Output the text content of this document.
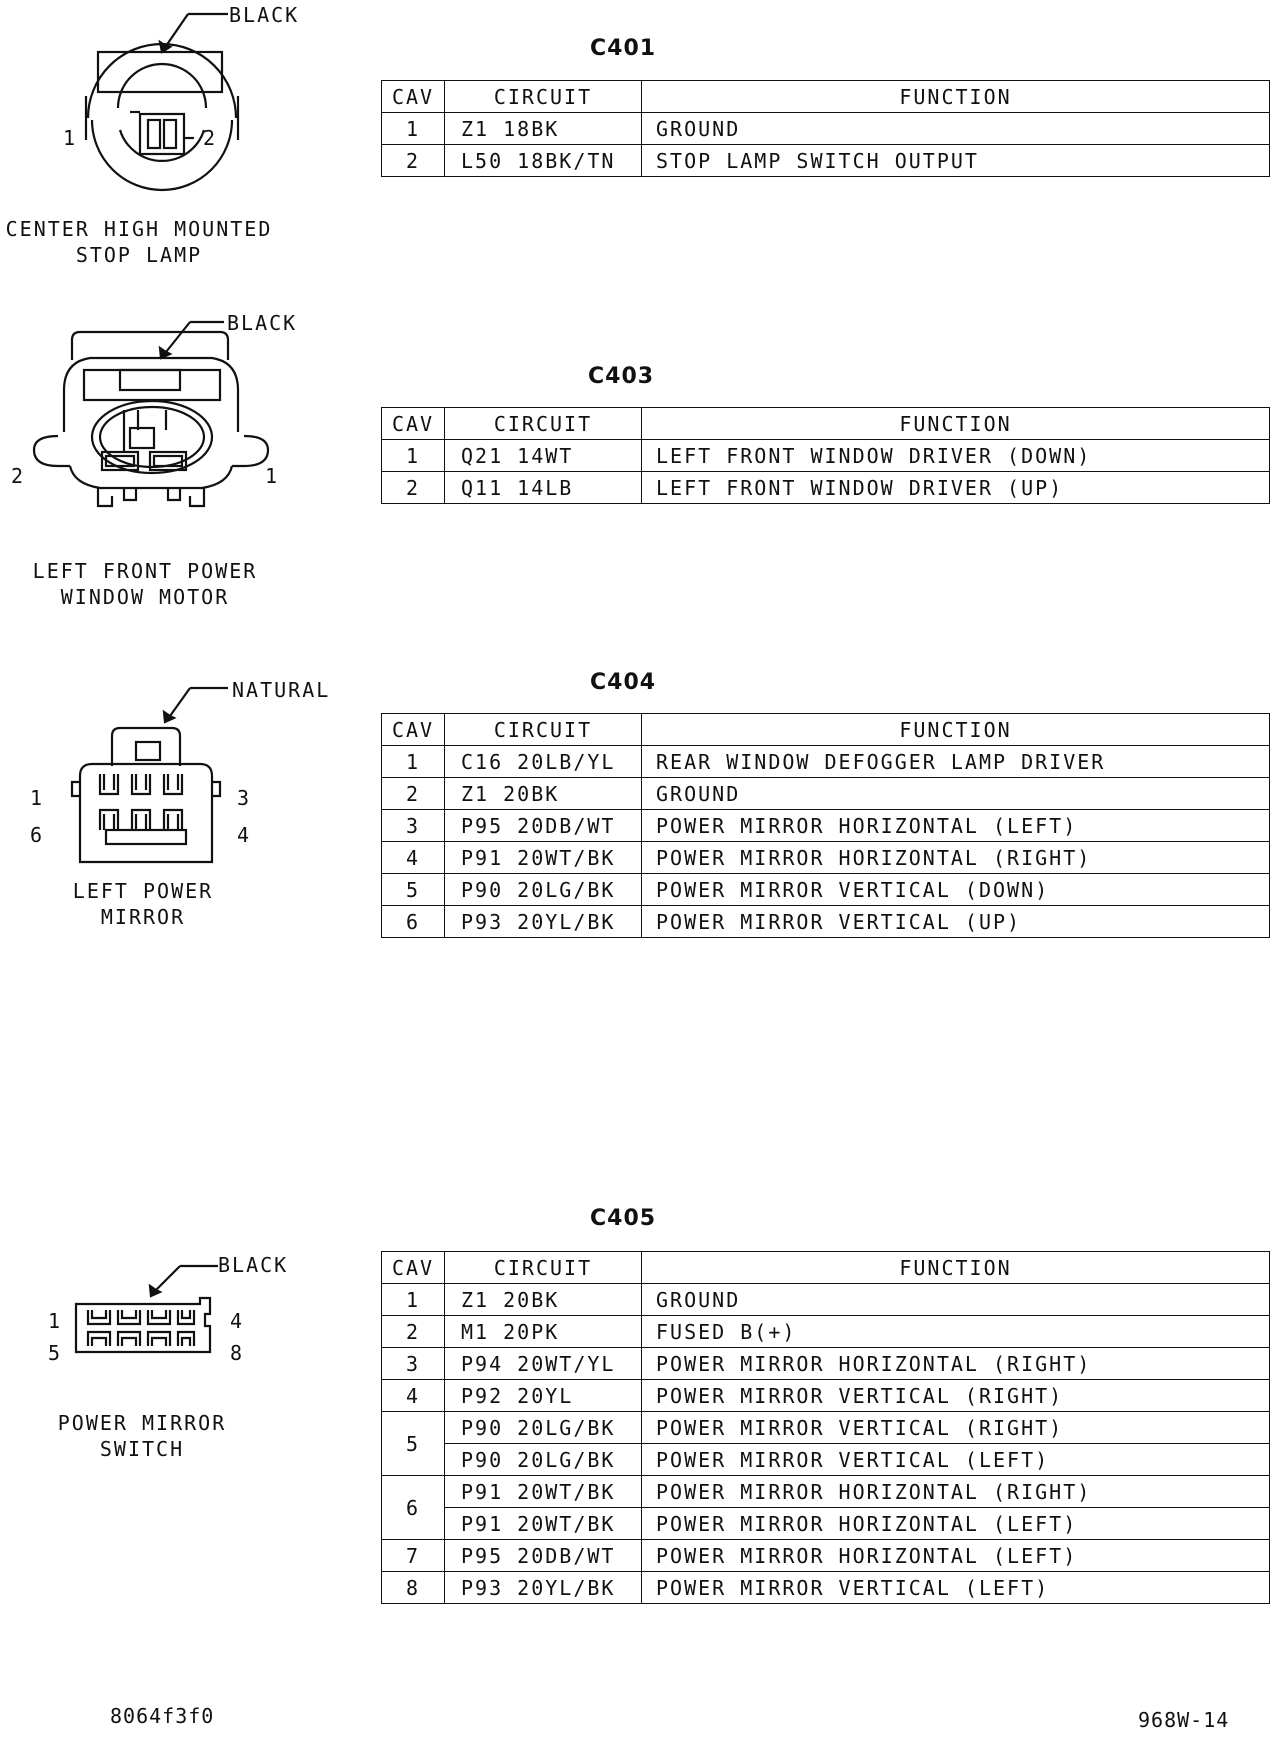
C401
BLACK
1	2
CENTER HIGH MOUNTED
STOP LAMP
CAV	CIRCUIT	FUNCTION
1	Z1 18BK	GROUND
2	L50 18BK/TN	STOP LAMP SWITCH OUTPUT
C403
BLACK
2	1
LEFT FRONT POWER
WINDOW MOTOR
CAV	CIRCUIT	FUNCTION
1	Q21 14WT	LEFT FRONT WINDOW DRIVER (DOWN)
2	Q11 14LB	LEFT FRONT WINDOW DRIVER (UP)
C404
NATURAL
1	3
6	4
LEFT POWER
MIRROR
CAV	CIRCUIT	FUNCTION
1	C16 20LB/YL	REAR WINDOW DEFOGGER LAMP DRIVER
2	Z1 20BK	GROUND
3	P95 20DB/WT	POWER MIRROR HORIZONTAL (LEFT)
4	P91 20WT/BK	POWER MIRROR HORIZONTAL (RIGHT)
5	P90 20LG/BK	POWER MIRROR VERTICAL (DOWN)
6	P93 20YL/BK	POWER MIRROR VERTICAL (UP)
C405
BLACK
1	4
5	8
POWER MIRROR
SWITCH
CAV	CIRCUIT	FUNCTION
1	Z1 20BK	GROUND
2	M1 20PK	FUSED B(+)
3	P94 20WT/YL	POWER MIRROR HORIZONTAL (RIGHT)
4	P92 20YL	POWER MIRROR VERTICAL (RIGHT)
5	P90 20LG/BK	POWER MIRROR VERTICAL (RIGHT)
	P90 20LG/BK	POWER MIRROR VERTICAL (LEFT)
6	P91 20WT/BK	POWER MIRROR HORIZONTAL (RIGHT)
	P91 20WT/BK	POWER MIRROR HORIZONTAL (LEFT)
7	P95 20DB/WT	POWER MIRROR HORIZONTAL (LEFT)
8	P93 20YL/BK	POWER MIRROR VERTICAL (LEFT)
8064f3f0	968W-14
